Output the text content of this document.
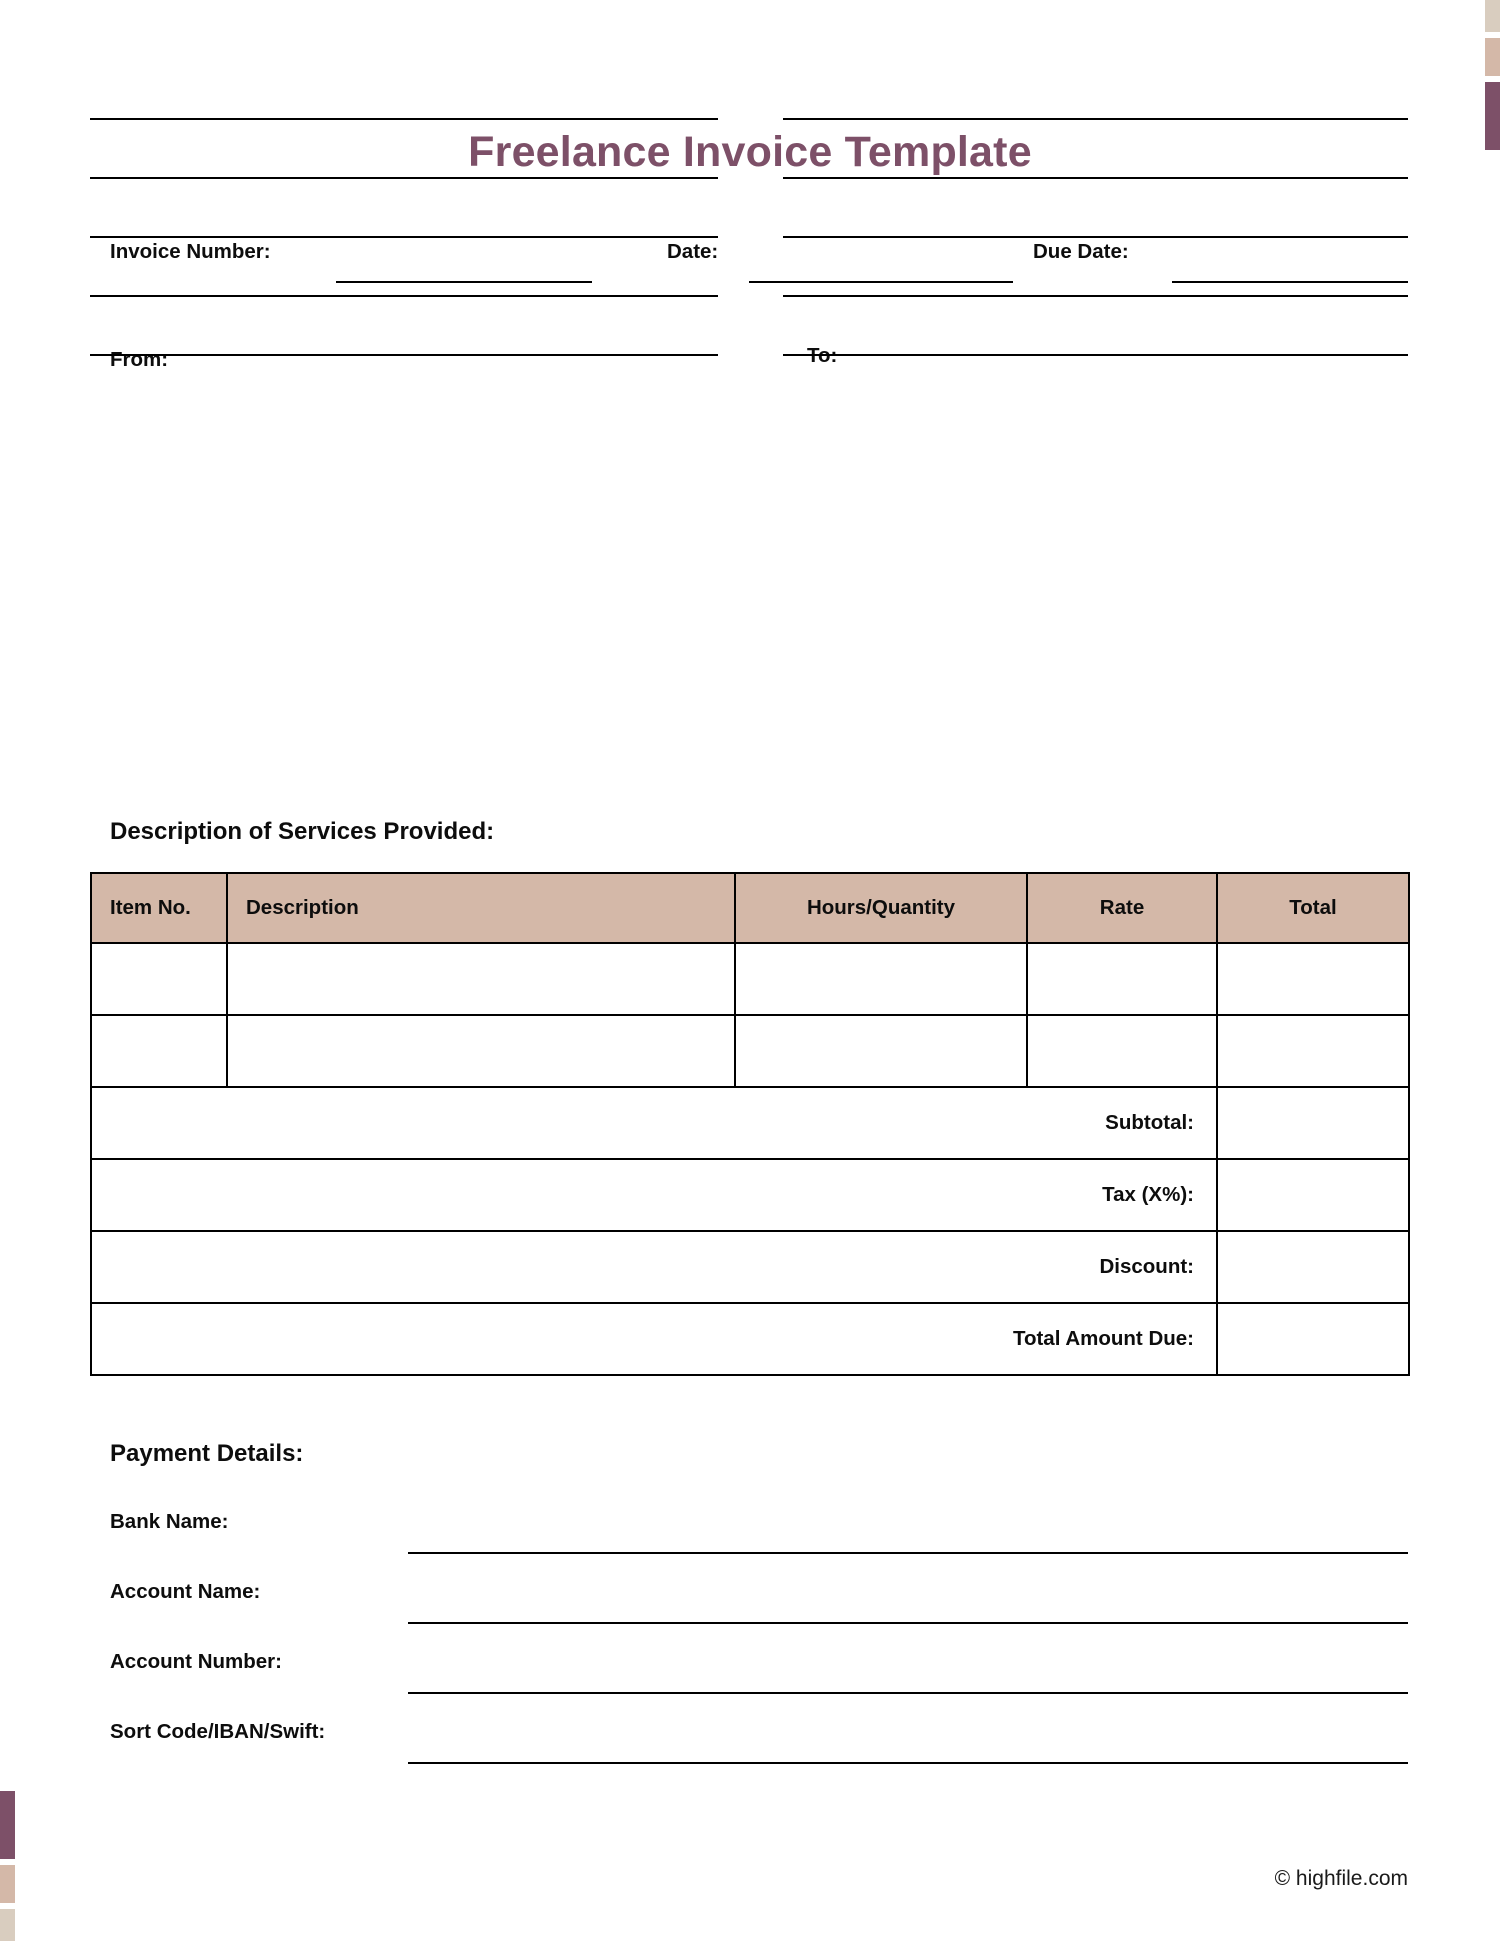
Freelance Invoice Template
Invoice Number:	Date:	Due Date:
From:	To:
Description of Services Provided:
Item No.	Description	Hours/Quantity	Rate	Total

Subtotal:				
Tax (X%):				
Discount:				
Total Amount Due:				
Payment Details:
Bank Name:
Account Name:
Account Number:
Sort Code/IBAN/Swift:
© highfile.com
